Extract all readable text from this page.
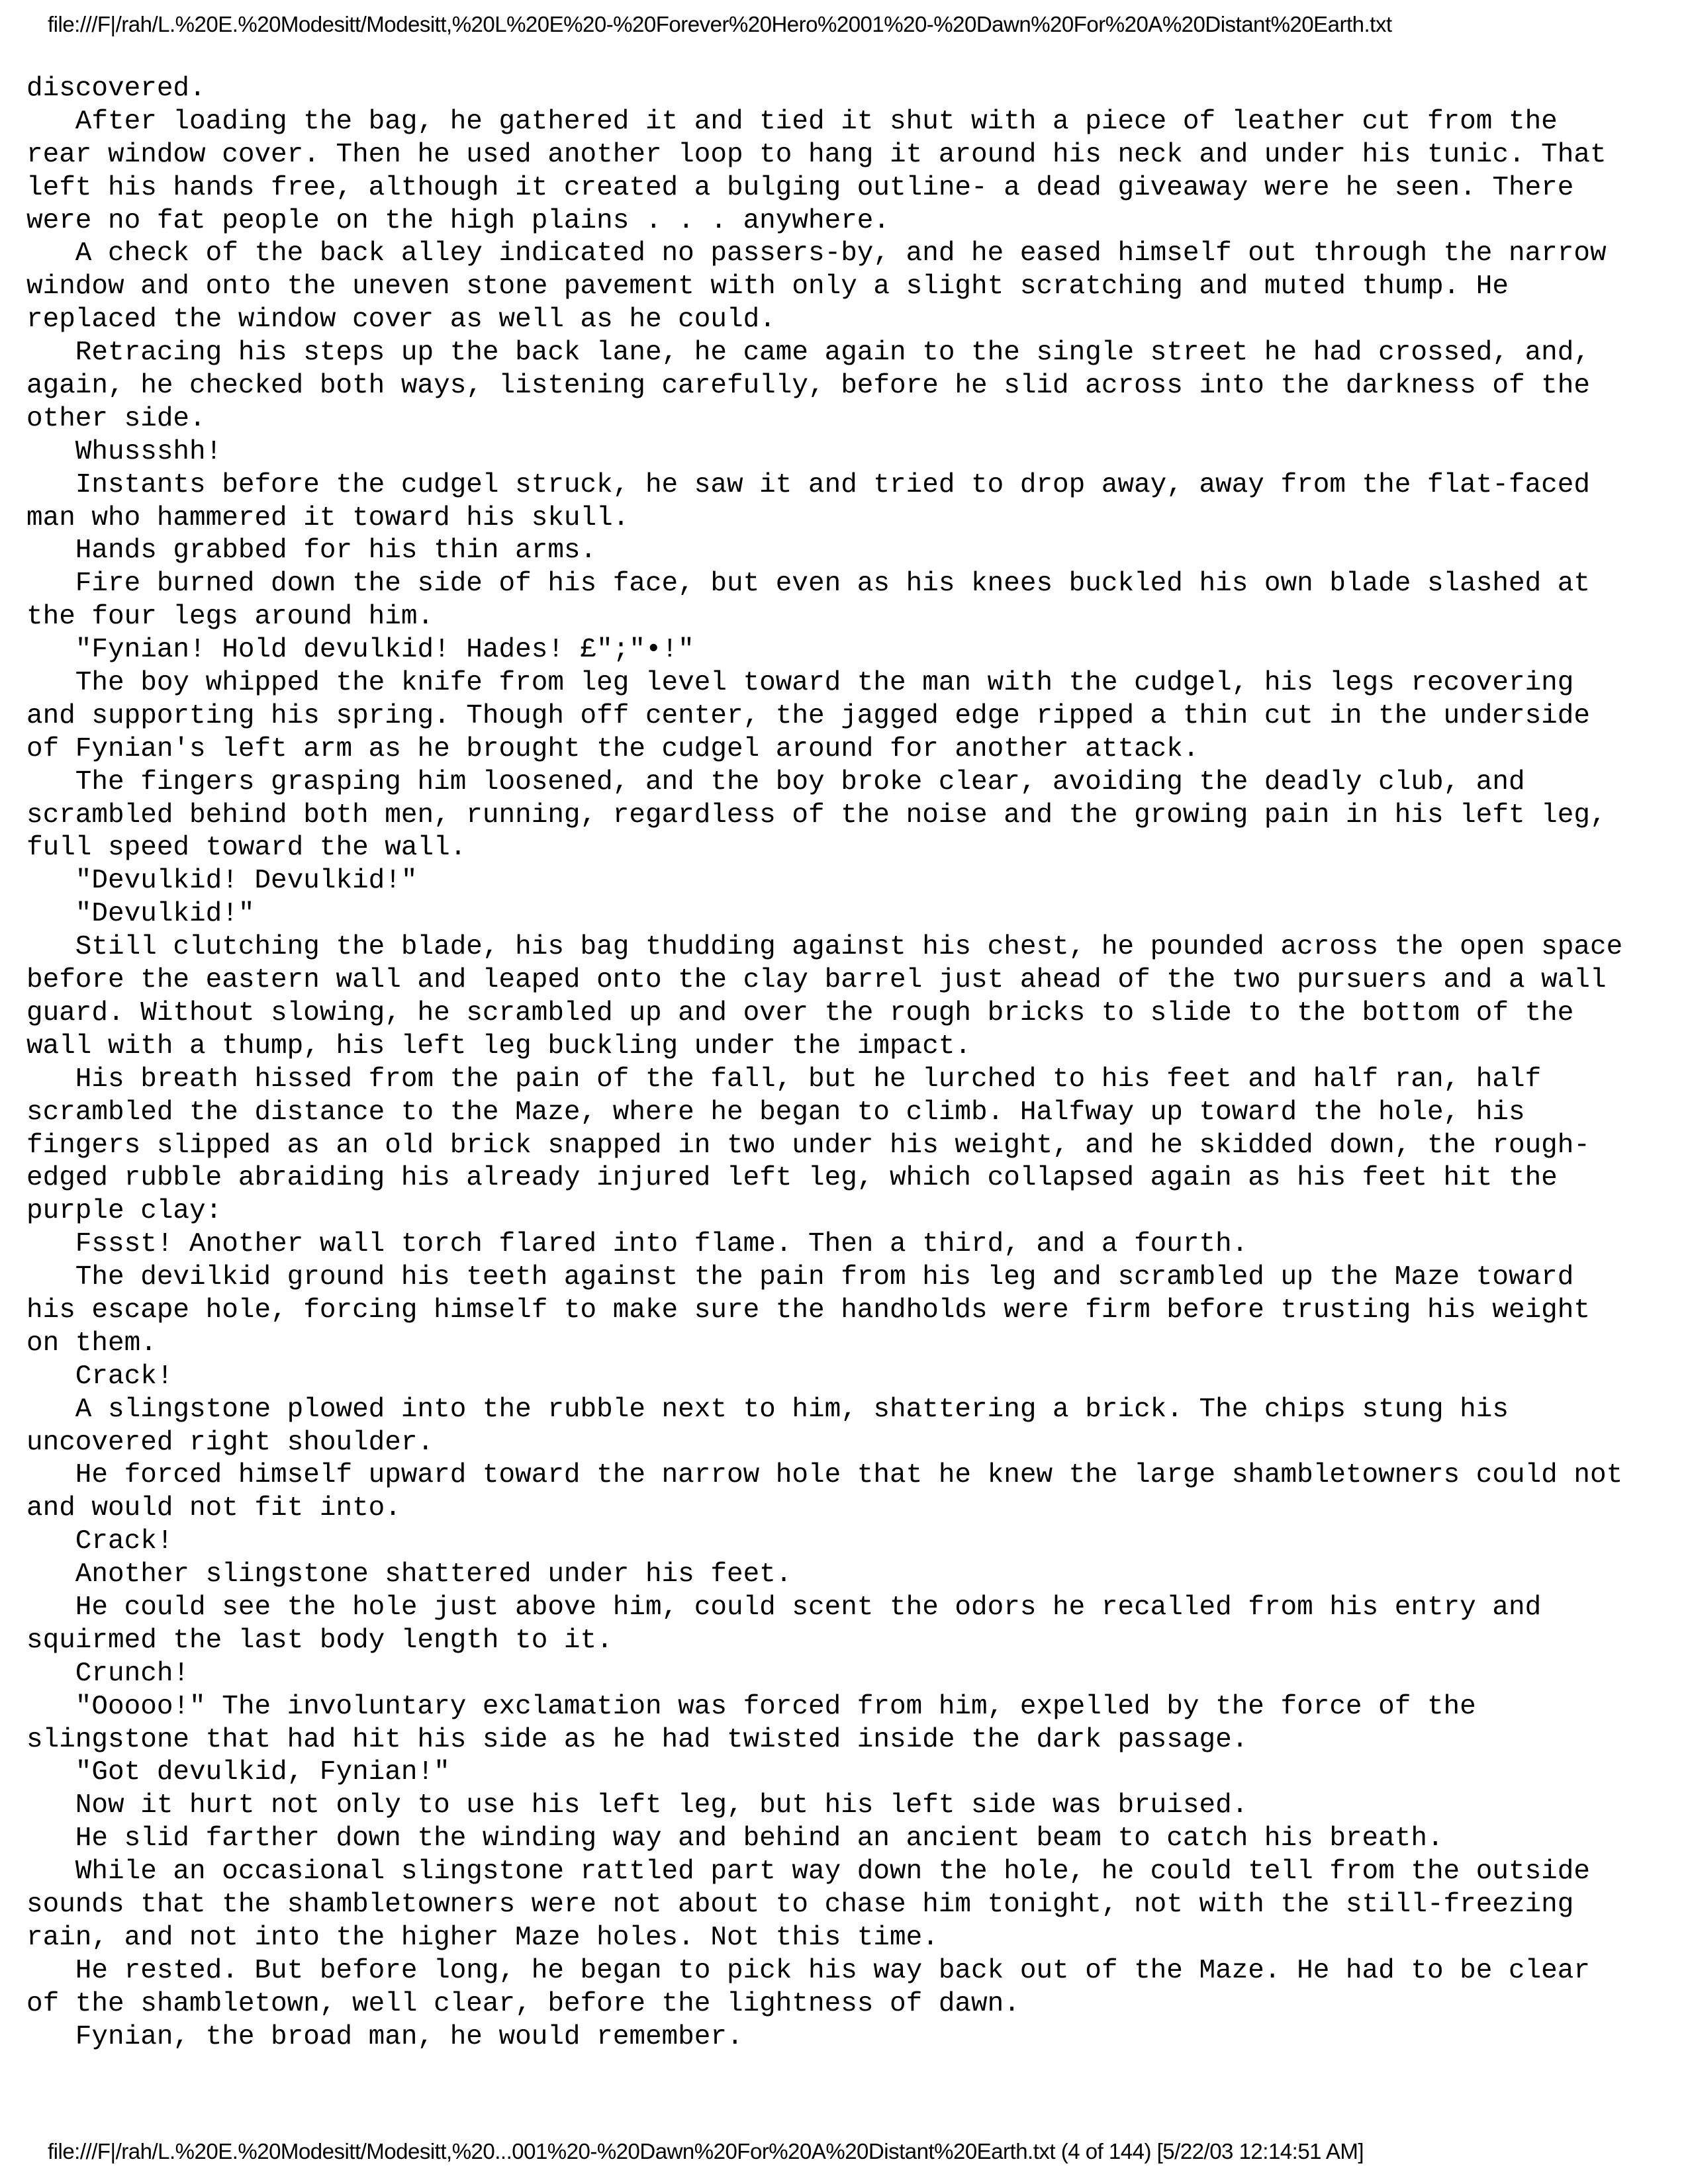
file:///F|/rah/L.%20E.%20Modesitt/Modesitt,%20L%20E%20-%20Forever%20Hero%2001%20-%20Dawn%20For%20A%20Distant%20Earth.txt
discovered.
After loading the bag, he gathered it and tied it shut with a piece of leather cut from the
rear window cover. Then he used another loop to hang it around his neck and under his tunic. That
left his hands free, although it created a bulging outline- a dead giveaway were he seen. There
were no fat people on the high plains . . . anywhere.
A check of the back alley indicated no passers-by, and he eased himself out through the narrow
window and onto the uneven stone pavement with only a slight scratching and muted thump. He
replaced the window cover as well as he could.
Retracing his steps up the back lane, he came again to the single street he had crossed, and,
again, he checked both ways, listening carefully, before he slid across into the darkness of the
other side.
Whussshh!
Instants before the cudgel struck, he saw it and tried to drop away, away from the flat-faced
man who hammered it toward his skull.
Hands grabbed for his thin arms.
Fire burned down the side of his face, but even as his knees buckled his own blade slashed at
the four legs around him.
"Fynian! Hold devulkid! Hades! £";"•!"
The boy whipped the knife from leg level toward the man with the cudgel, his legs recovering
and supporting his spring. Though off center, the jagged edge ripped a thin cut in the underside
of Fynian's left arm as he brought the cudgel around for another attack.
The fingers grasping him loosened, and the boy broke clear, avoiding the deadly club, and
scrambled behind both men, running, regardless of the noise and the growing pain in his left leg,
full speed toward the wall.
"Devulkid! Devulkid!"
"Devulkid!"
Still clutching the blade, his bag thudding against his chest, he pounded across the open space
before the eastern wall and leaped onto the clay barrel just ahead of the two pursuers and a wall
guard. Without slowing, he scrambled up and over the rough bricks to slide to the bottom of the
wall with a thump, his left leg buckling under the impact.
His breath hissed from the pain of the fall, but he lurched to his feet and half ran, half
scrambled the distance to the Maze, where he began to climb. Halfway up toward the hole, his
fingers slipped as an old brick snapped in two under his weight, and he skidded down, the rough-
edged rubble abraiding his already injured left leg, which collapsed again as his feet hit the
purple clay:
Fssst! Another wall torch flared into flame. Then a third, and a fourth.
The devilkid ground his teeth against the pain from his leg and scrambled up the Maze toward
his escape hole, forcing himself to make sure the handholds were firm before trusting his weight
on them.
Crack!
A slingstone plowed into the rubble next to him, shattering a brick. The chips stung his
uncovered right shoulder.
He forced himself upward toward the narrow hole that he knew the large shambletowners could not
and would not fit into.
Crack!
Another slingstone shattered under his feet.
He could see the hole just above him, could scent the odors he recalled from his entry and
squirmed the last body length to it.
Crunch!
"Ooooo!" The involuntary exclamation was forced from him, expelled by the force of the
slingstone that had hit his side as he had twisted inside the dark passage.
"Got devulkid, Fynian!"
Now it hurt not only to use his left leg, but his left side was bruised.
He slid farther down the winding way and behind an ancient beam to catch his breath.
While an occasional slingstone rattled part way down the hole, he could tell from the outside
sounds that the shambletowners were not about to chase him tonight, not with the still-freezing
rain, and not into the higher Maze holes. Not this time.
He rested. But before long, he began to pick his way back out of the Maze. He had to be clear
of the shambletown, well clear, before the lightness of dawn.
Fynian, the broad man, he would remember.
file:///F|/rah/L.%20E.%20Modesitt/Modesitt,%20...001%20-%20Dawn%20For%20A%20Distant%20Earth.txt (4 of 144) [5/22/03 12:14:51 AM]
